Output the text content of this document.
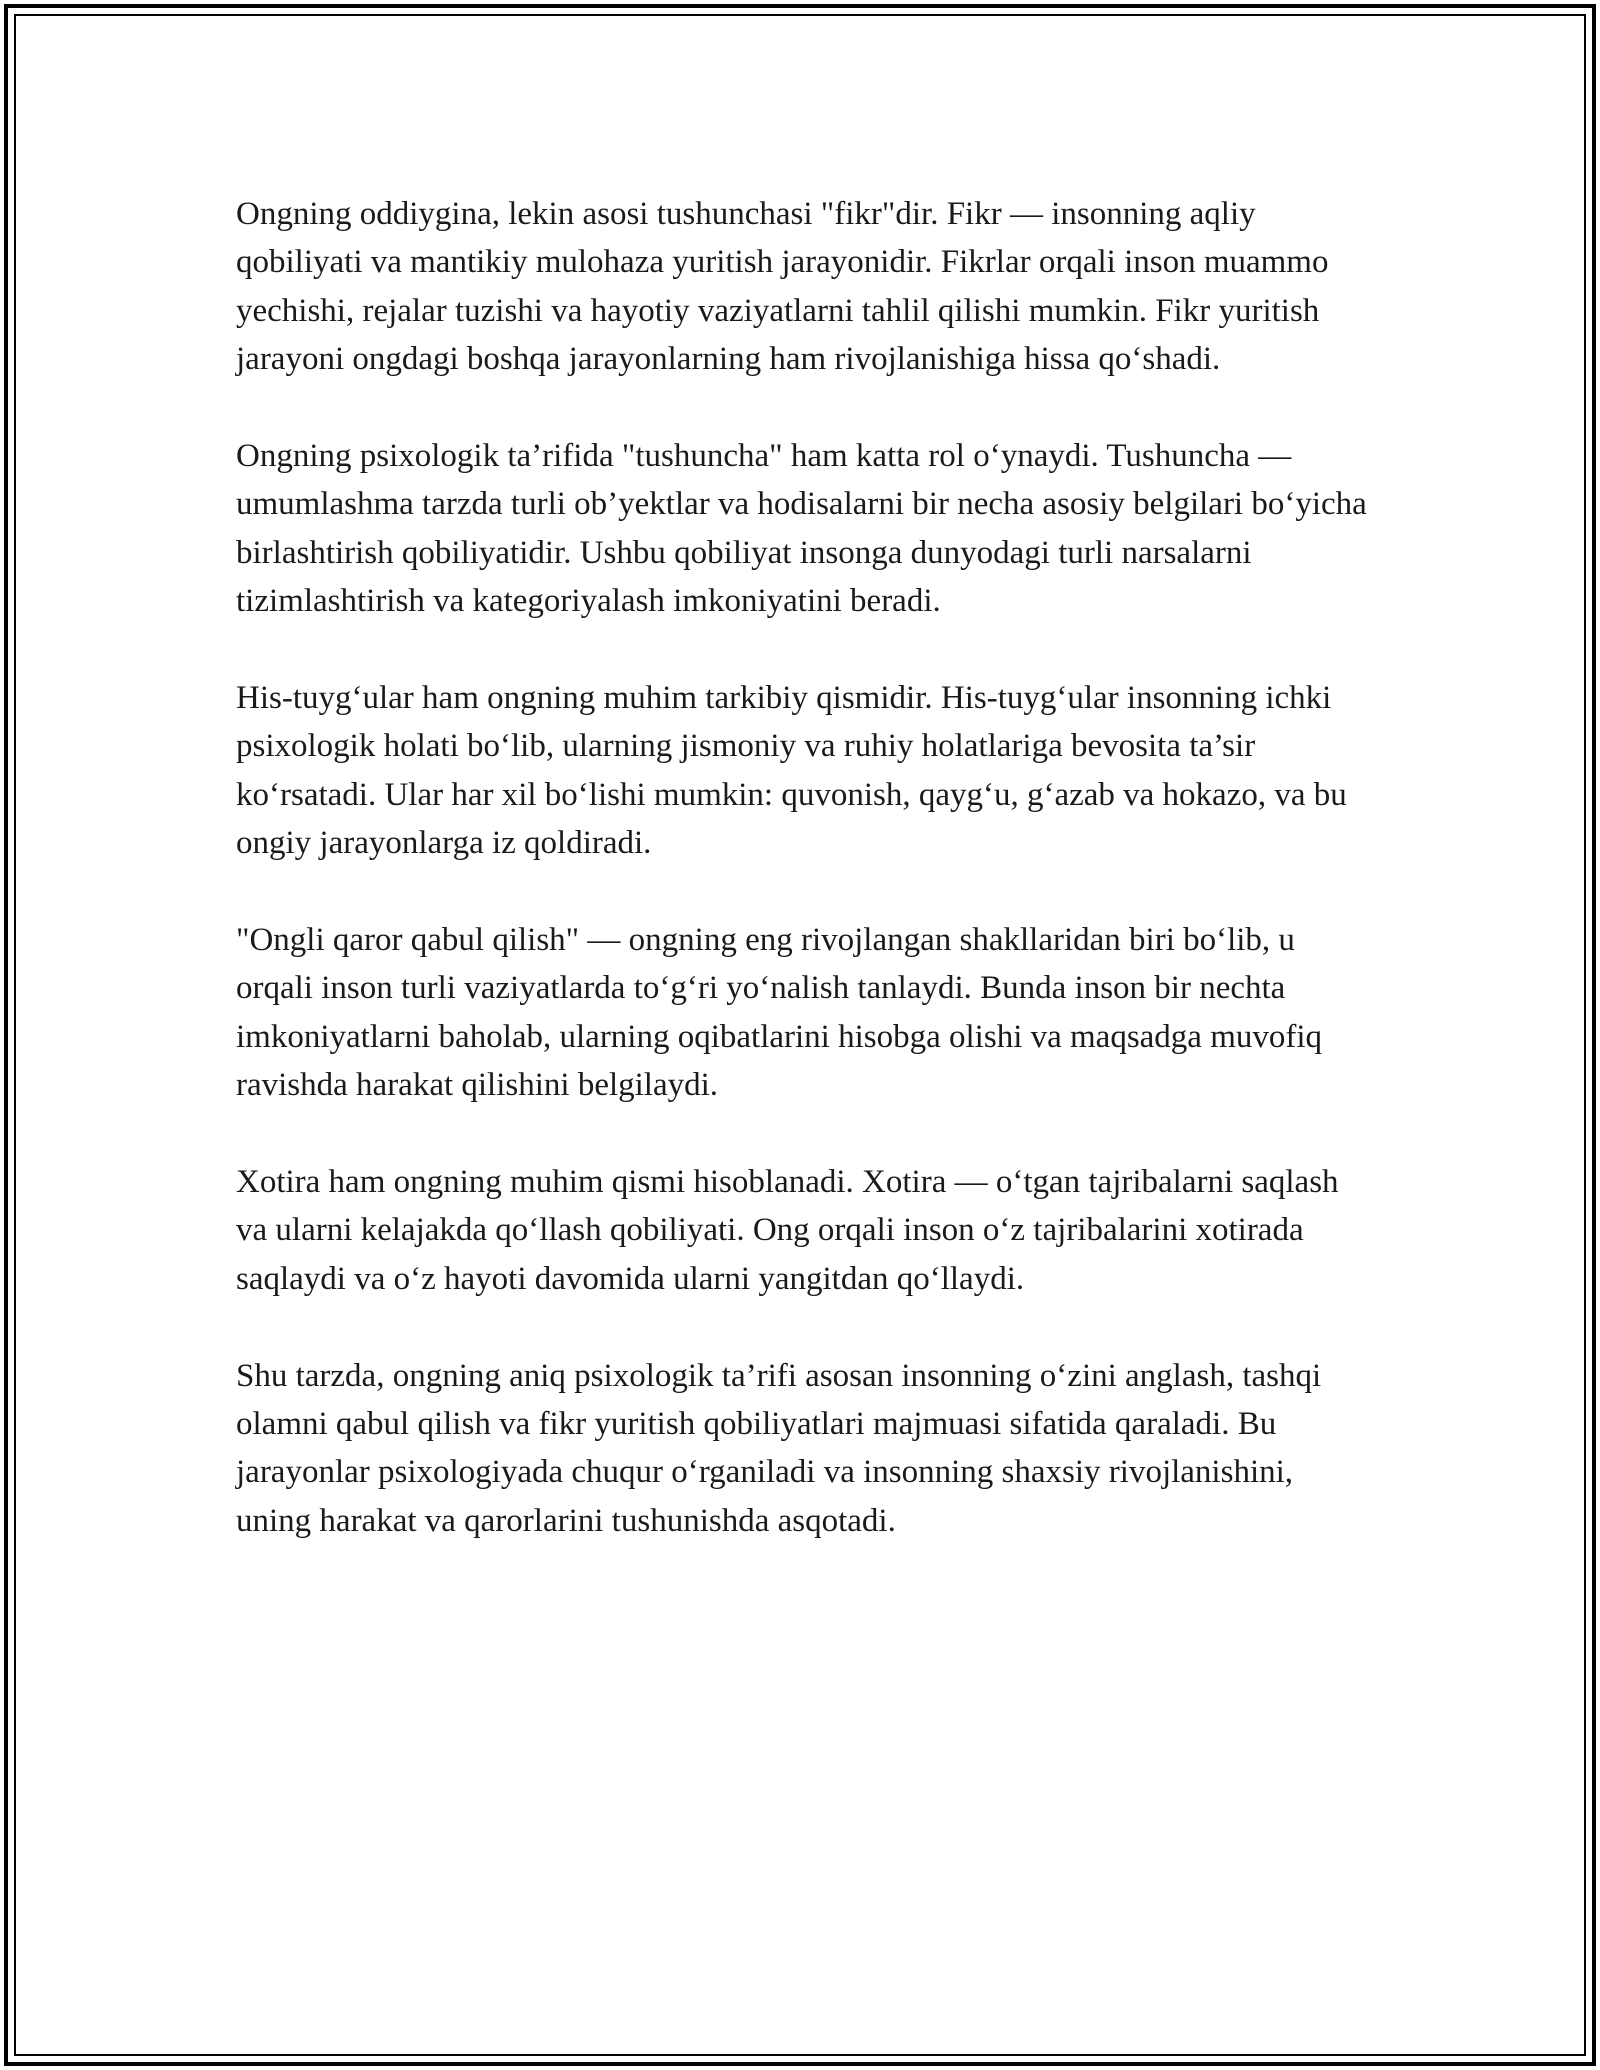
Ongning oddiygina, lekin asosi tushunchasi "fikr"dir. Fikr — insonning aqliy qobiliyati va mantikiy mulohaza yuritish jarayonidir. Fikrlar orqali inson muammo yechishi, rejalar tuzishi va hayotiy vaziyatlarni tahlil qilishi mumkin. Fikr yuritish jarayoni ongdagi boshqa jarayonlarning ham rivojlanishiga hissa qo‘shadi.

Ongning psixologik ta’rifida "tushuncha" ham katta rol o‘ynaydi. Tushuncha — umumlashma tarzda turli ob’yektlar va hodisalarni bir necha asosiy belgilari bo‘yicha birlashtirish qobiliyatidir. Ushbu qobiliyat insonga dunyodagi turli narsalarni tizimlashtirish va kategoriyalash imkoniyatini beradi.

His-tuyg‘ular ham ongning muhim tarkibiy qismidir. His-tuyg‘ular insonning ichki psixologik holati bo‘lib, ularning jismoniy va ruhiy holatlariga bevosita ta’sir ko‘rsatadi. Ular har xil bo‘lishi mumkin: quvonish, qayg‘u, g‘azab va hokazo, va bu ongiy jarayonlarga iz qoldiradi.

"Ongli qaror qabul qilish" — ongning eng rivojlangan shakllaridan biri bo‘lib, u orqali inson turli vaziyatlarda to‘g‘ri yo‘nalish tanlaydi. Bunda inson bir nechta imkoniyatlarni baholab, ularning oqibatlarini hisobga olishi va maqsadga muvofiq ravishda harakat qilishini belgilaydi.

Xotira ham ongning muhim qismi hisoblanadi. Xotira — o‘tgan tajribalarni saqlash va ularni kelajakda qo‘llash qobiliyati. Ong orqali inson o‘z tajribalarini xotirada saqlaydi va o‘z hayoti davomida ularni yangitdan qo‘llaydi.

Shu tarzda, ongning aniq psixologik ta’rifi asosan insonning o‘zini anglash, tashqi olamni qabul qilish va fikr yuritish qobiliyatlari majmuasi sifatida qaraladi. Bu jarayonlar psixologiyada chuqur o‘rganiladi va insonning shaxsiy rivojlanishini, uning harakat va qarorlarini tushunishda asqotadi.
